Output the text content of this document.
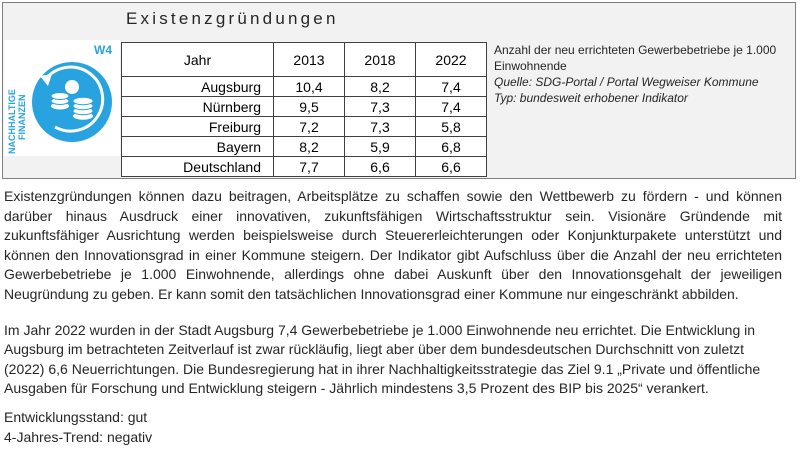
Existenzgründungen
NACHHALTIGE FINANZEN
W4
Jahr	2013	2018	2022
Augsburg	10,4	8,2	7,4
Nürnberg	9,5	7,3	7,4
Freiburg	7,2	7,3	5,8
Bayern	8,2	5,9	6,8
Deutschland	7,7	6,6	6,6
Anzahl der neu errichteten Gewerbebetriebe je 1.000 Einwohnende
Quelle: SDG-Portal / Portal Wegweiser Kommune
Typ: bundesweit erhobener Indikator

Existenzgründungen können dazu beitragen, Arbeitsplätze zu schaffen sowie den Wettbewerb zu fördern - und können darüber hinaus Ausdruck einer innovativen, zukunftsfähigen Wirtschaftsstruktur sein. Visionäre Gründende mit zukunftsfähiger Ausrichtung werden beispielsweise durch Steuererleichterungen oder Konjunkturpakete unterstützt und können den Innovationsgrad in einer Kommune steigern. Der Indikator gibt Aufschluss über die Anzahl der neu errichteten Gewerbebetriebe je 1.000 Einwohnende, allerdings ohne dabei Auskunft über den Innovationsgehalt der jeweiligen Neugründung zu geben. Er kann somit den tatsächlichen Innovationsgrad einer Kommune nur eingeschränkt abbilden.

Im Jahr 2022 wurden in der Stadt Augsburg 7,4 Gewerbebetriebe je 1.000 Einwohnende neu errichtet. Die Entwicklung in Augsburg im betrachteten Zeitverlauf ist zwar rückläufig, liegt aber über dem bundesdeutschen Durchschnitt von zuletzt (2022) 6,6 Neuerrichtungen. Die Bundesregierung hat in ihrer Nachhaltigkeitsstrategie das Ziel 9.1 „Private und öffentliche Ausgaben für Forschung und Entwicklung steigern - Jährlich mindestens 3,5 Prozent des BIP bis 2025“ verankert.

Entwicklungsstand: gut

4-Jahres-Trend: negativ
